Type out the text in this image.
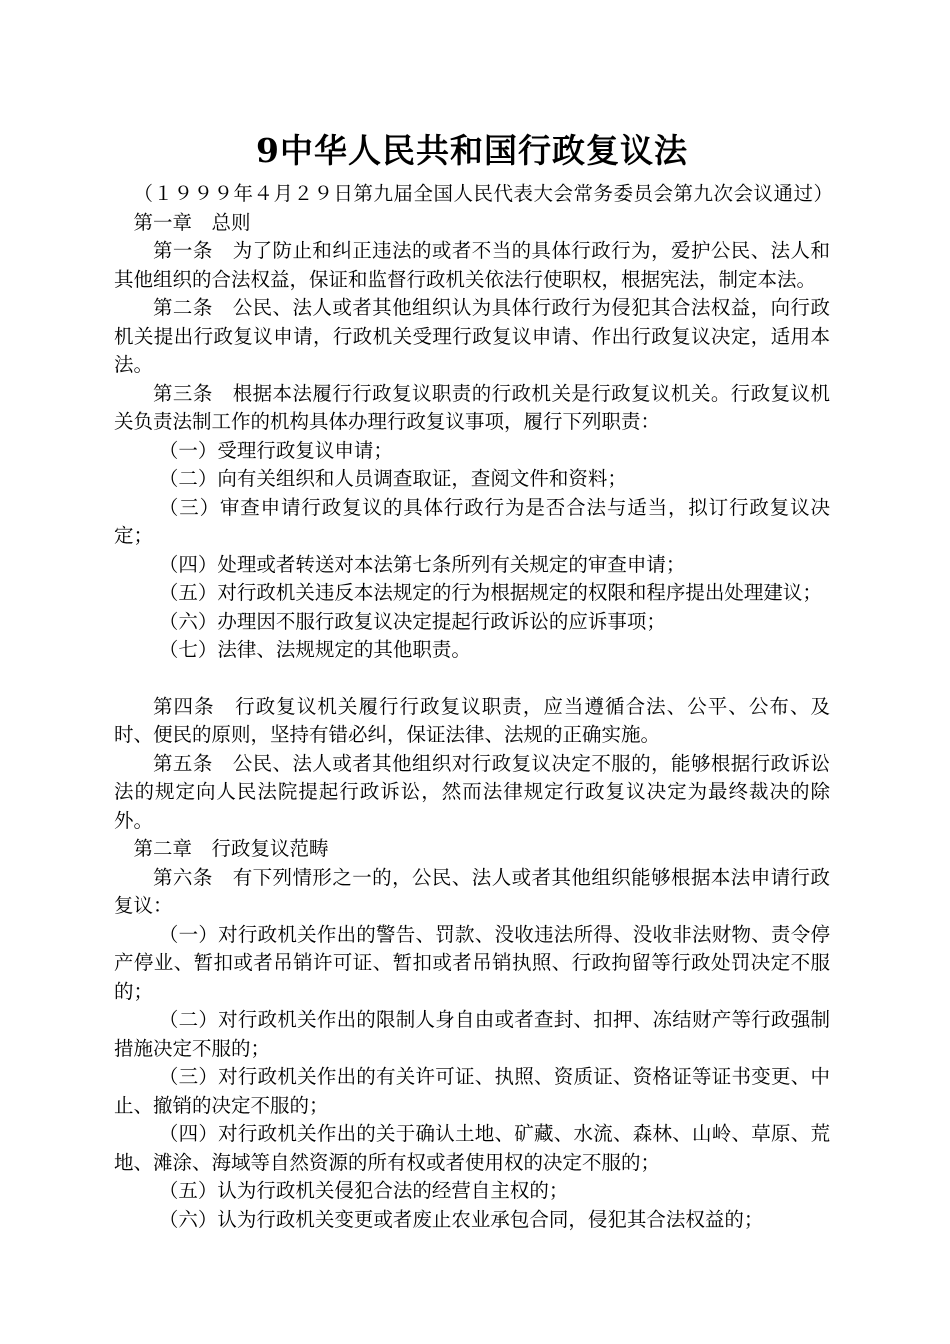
9中华人民共和国行政复议法

（１９９９年４月２９日第九届全国人民代表大会常务委员会第九次会议通过）

第一章　总则

第一条　为了防止和纠正违法的或者不当的具体行政行为，爱护公民、法人和其他组织的合法权益，保证和监督行政机关依法行使职权，根据宪法，制定本法。

第二条　公民、法人或者其他组织认为具体行政行为侵犯其合法权益，向行政机关提出行政复议申请，行政机关受理行政复议申请、作出行政复议决定，适用本法。

第三条　根据本法履行行政复议职责的行政机关是行政复议机关。行政复议机关负责法制工作的机构具体办理行政复议事项，履行下列职责：

（一）受理行政复议申请；

（二）向有关组织和人员调查取证，查阅文件和资料；

（三）审查申请行政复议的具体行政行为是否合法与适当，拟订行政复议决定；

（四）处理或者转送对本法第七条所列有关规定的审查申请；

（五）对行政机关违反本法规定的行为根据规定的权限和程序提出处理建议；

（六）办理因不服行政复议决定提起行政诉讼的应诉事项；

（七）法律、法规规定的其他职责。

第四条　行政复议机关履行行政复议职责，应当遵循合法、公平、公布、及时、便民的原则，坚持有错必纠，保证法律、法规的正确实施。

第五条　公民、法人或者其他组织对行政复议决定不服的，能够根据行政诉讼法的规定向人民法院提起行政诉讼，然而法律规定行政复议决定为最终裁决的除外。

第二章　行政复议范畴

第六条　有下列情形之一的，公民、法人或者其他组织能够根据本法申请行政复议：

（一）对行政机关作出的警告、罚款、没收违法所得、没收非法财物、责令停产停业、暂扣或者吊销许可证、暂扣或者吊销执照、行政拘留等行政处罚决定不服的；

（二）对行政机关作出的限制人身自由或者查封、扣押、冻结财产等行政强制措施决定不服的；

（三）对行政机关作出的有关许可证、执照、资质证、资格证等证书变更、中止、撤销的决定不服的；

（四）对行政机关作出的关于确认土地、矿藏、水流、森林、山岭、草原、荒地、滩涂、海域等自然资源的所有权或者使用权的决定不服的；

（五）认为行政机关侵犯合法的经营自主权的；

（六）认为行政机关变更或者废止农业承包合同，侵犯其合法权益的；
